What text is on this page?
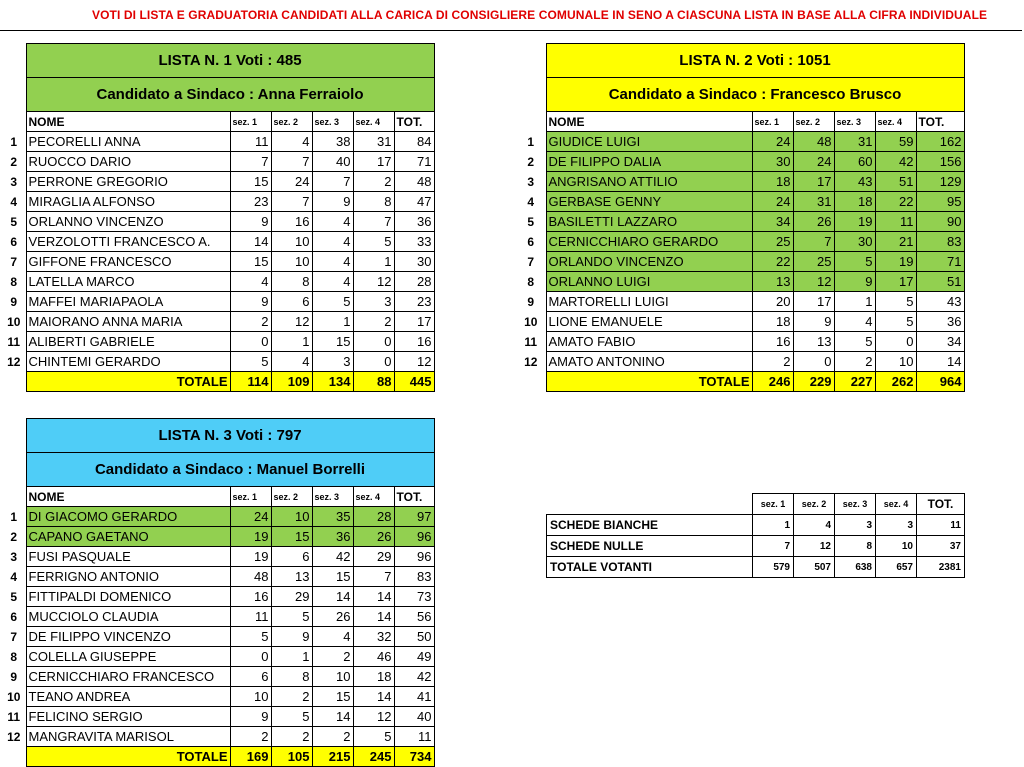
VOTI DI LISTA E GRADUATORIA CANDIDATI ALLA CARICA DI CONSIGLIERE COMUNALE IN SENO A CIASCUNA LISTA IN BASE ALLA CIFRA INDIVIDUALE
	LISTA N. 1 Voti : 485					
	Candidato a Sindaco : Anna Ferraiolo					
	NOME	sez. 1	sez. 2	sez. 3	sez. 4	TOT.
1	PECORELLI ANNA	11	4	38	31	84
2	RUOCCO DARIO	7	7	40	17	71
3	PERRONE GREGORIO	15	24	7	2	48
4	MIRAGLIA ALFONSO	23	7	9	8	47
5	ORLANNO VINCENZO	9	16	4	7	36
6	VERZOLOTTI FRANCESCO A.	14	10	4	5	33
7	GIFFONE FRANCESCO	15	10	4	1	30
8	LATELLA MARCO	4	8	4	12	28
9	MAFFEI MARIAPAOLA	9	6	5	3	23
10	MAIORANO ANNA MARIA	2	12	1	2	17
11	ALIBERTI GABRIELE	0	1	15	0	16
12	CHINTEMI GERARDO	5	4	3	0	12
	TOTALE	114	109	134	88	445
	LISTA N. 2 Voti : 1051					
	Candidato a Sindaco : Francesco Brusco					
	NOME	sez. 1	sez. 2	sez. 3	sez. 4	TOT.
1	GIUDICE LUIGI	24	48	31	59	162
2	DE FILIPPO DALIA	30	24	60	42	156
3	ANGRISANO ATTILIO	18	17	43	51	129
4	GERBASE GENNY	24	31	18	22	95
5	BASILETTI LAZZARO	34	26	19	11	90
6	CERNICCHIARO GERARDO	25	7	30	21	83
7	ORLANDO VINCENZO	22	25	5	19	71
8	ORLANNO LUIGI	13	12	9	17	51
9	MARTORELLI LUIGI	20	17	1	5	43
10	LIONE EMANUELE	18	9	4	5	36
11	AMATO FABIO	16	13	5	0	34
12	AMATO ANTONINO	2	0	2	10	14
	TOTALE	246	229	227	262	964
	LISTA N. 3 Voti : 797					
	Candidato a Sindaco : Manuel Borrelli					
	NOME	sez. 1	sez. 2	sez. 3	sez. 4	TOT.
1	DI GIACOMO GERARDO	24	10	35	28	97
2	CAPANO GAETANO	19	15	36	26	96
3	FUSI PASQUALE	19	6	42	29	96
4	FERRIGNO ANTONIO	48	13	15	7	83
5	FITTIPALDI DOMENICO	16	29	14	14	73
6	MUCCIOLO CLAUDIA	11	5	26	14	56
7	DE FILIPPO VINCENZO	5	9	4	32	50
8	COLELLA GIUSEPPE	0	1	2	46	49
9	CERNICCHIARO FRANCESCO	6	8	10	18	42
10	TEANO ANDREA	10	2	15	14	41
11	FELICINO SERGIO	9	5	14	12	40
12	MANGRAVITA MARISOL	2	2	2	5	11
	TOTALE	169	105	215	245	734
	sez. 1	sez. 2	sez. 3	sez. 4	TOT.
SCHEDE BIANCHE	1	4	3	3	11
SCHEDE NULLE	7	12	8	10	37
TOTALE VOTANTI	579	507	638	657	2381
